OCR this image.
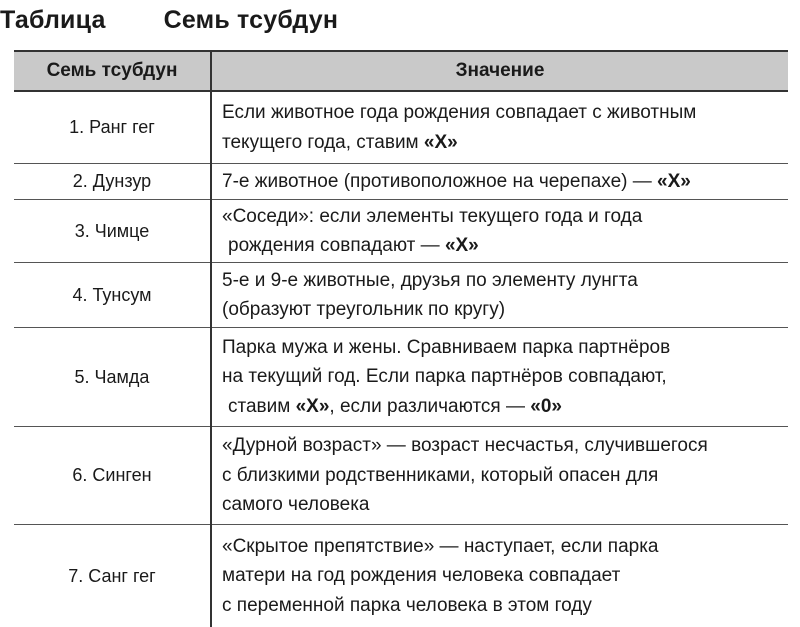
Таблица Семь тсубдун
Семь тсубдун	Значение
1. Ранг гег	Если животное года рождения совпадает с животным
текущего года, ставим «X»

2. Дунзур	7-е животное (противоположное на черепахе) — «X»

3. Чимце	«Соседи»: если элементы текущего года и года
рождения совпадают — «X»

4. Тунсум	5-е и 9-е животные, друзья по элементу лунгта
(образуют треугольник по кругу)

5. Чамда	Парка мужа и жены. Сравниваем парка партнёров
на текущий год. Если парка партнёров совпадают,
ставим «X», если различаются — «0»

6. Синген	«Дурной возраст» — возраст несчастья, случившегося
с близкими родственниками, который опасен для
самого человека

7. Санг гег	«Скрытое препятствие» — наступает, если парка
матери на год рождения человека совпадает
с переменной парка человека в этом году
